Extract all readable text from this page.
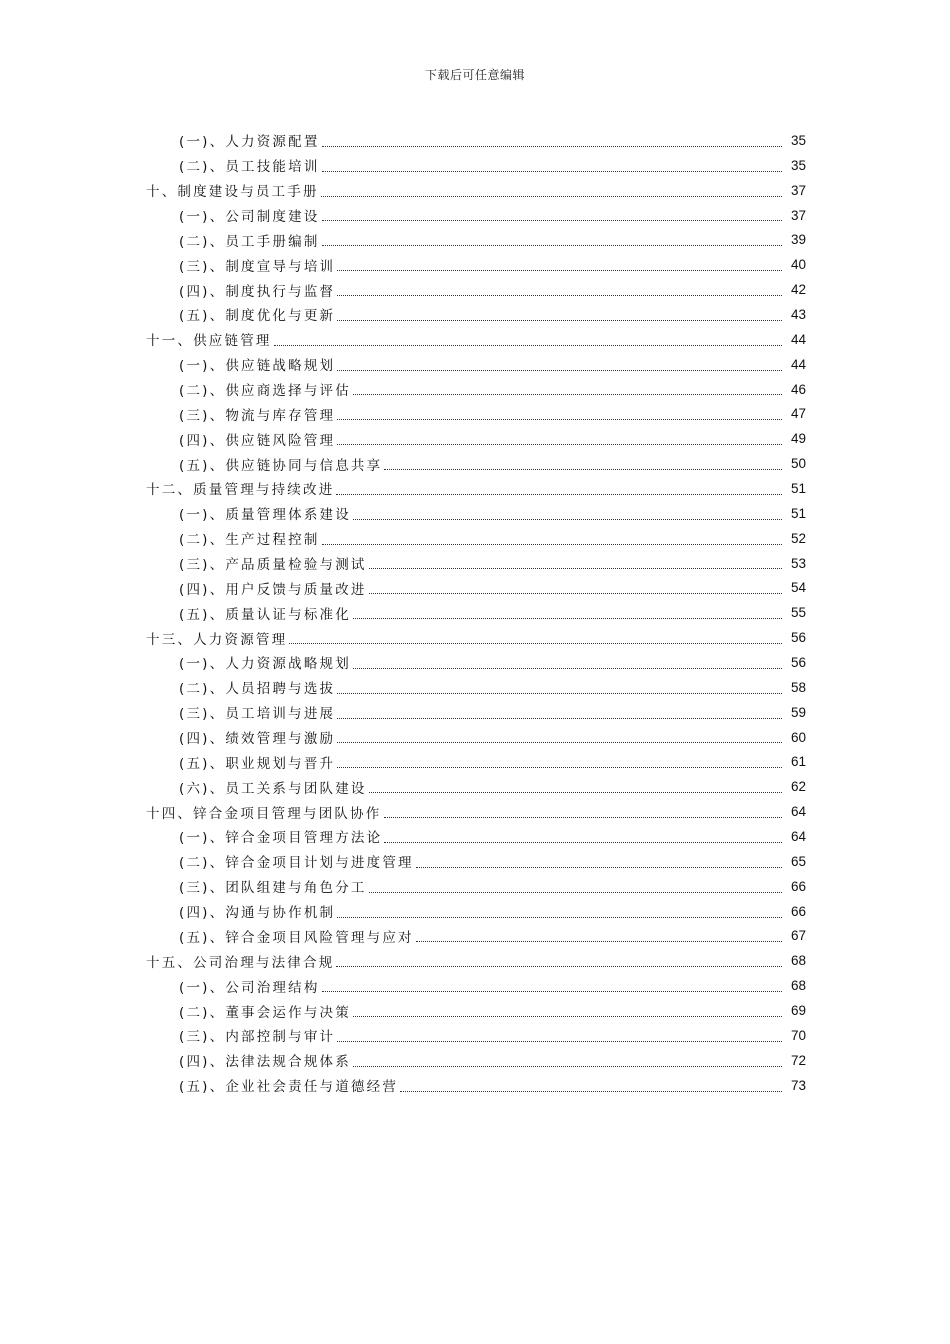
下载后可任意编辑
(一)、人力资源配置	35
(二)、员工技能培训	35
十、制度建设与员工手册	37
(一)、公司制度建设	37
(二)、员工手册编制	39
(三)、制度宣导与培训	40
(四)、制度执行与监督	42
(五)、制度优化与更新	43
十一、供应链管理	44
(一)、供应链战略规划	44
(二)、供应商选择与评估	46
(三)、物流与库存管理	47
(四)、供应链风险管理	49
(五)、供应链协同与信息共享	50
十二、质量管理与持续改进	51
(一)、质量管理体系建设	51
(二)、生产过程控制	52
(三)、产品质量检验与测试	53
(四)、用户反馈与质量改进	54
(五)、质量认证与标准化	55
十三、人力资源管理	56
(一)、人力资源战略规划	56
(二)、人员招聘与选拔	58
(三)、员工培训与进展	59
(四)、绩效管理与激励	60
(五)、职业规划与晋升	61
(六)、员工关系与团队建设	62
十四、锌合金项目管理与团队协作	64
(一)、锌合金项目管理方法论	64
(二)、锌合金项目计划与进度管理	65
(三)、团队组建与角色分工	66
(四)、沟通与协作机制	66
(五)、锌合金项目风险管理与应对	67
十五、公司治理与法律合规	68
(一)、公司治理结构	68
(二)、董事会运作与决策	69
(三)、内部控制与审计	70
(四)、法律法规合规体系	72
(五)、企业社会责任与道德经营	73
